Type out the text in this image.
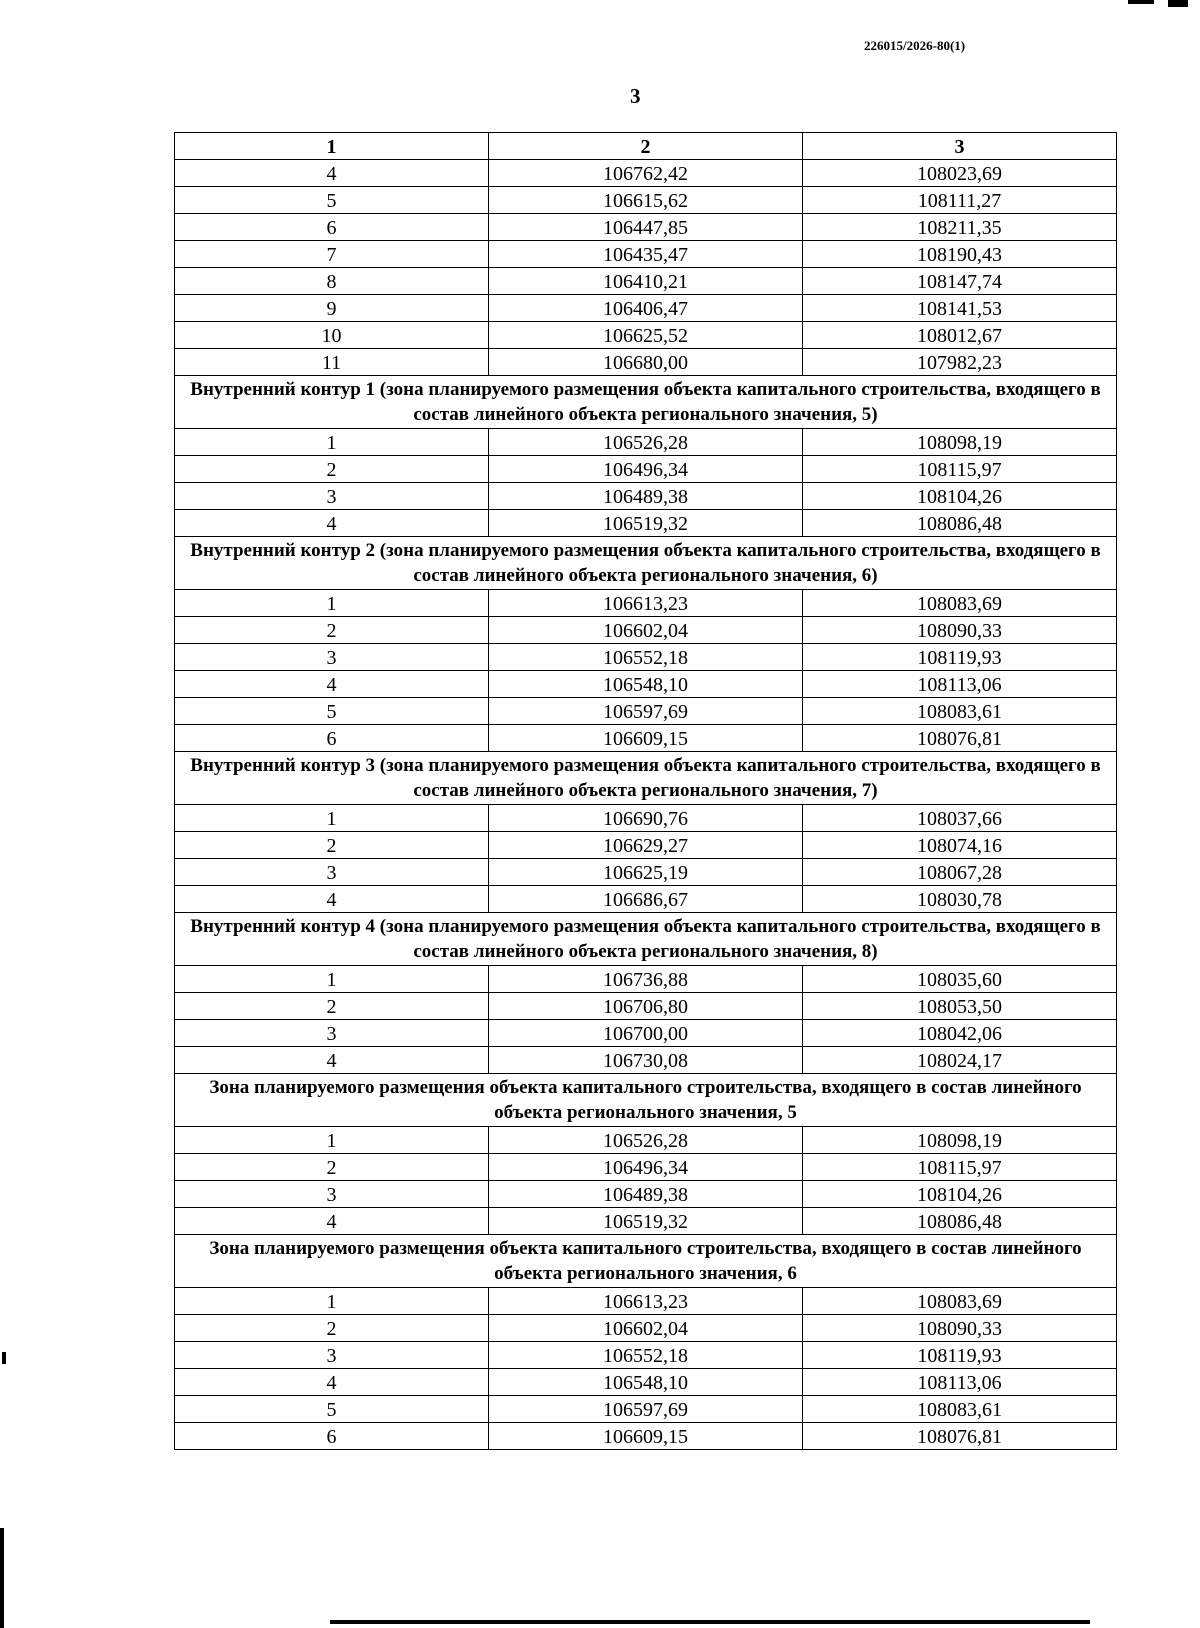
226015/2026-80(1)
3
1	2	3
4	106762,42	108023,69
5	106615,62	108111,27
6	106447,85	108211,35
7	106435,47	108190,43
8	106410,21	108147,74
9	106406,47	108141,53
10	106625,52	108012,67
11	106680,00	107982,23
Внутренний контур 1 (зона планируемого размещения объекта капитального строительства, входящего в состав линейного объекта регионального значения, 5)		
1	106526,28	108098,19
2	106496,34	108115,97
3	106489,38	108104,26
4	106519,32	108086,48
Внутренний контур 2 (зона планируемого размещения объекта капитального строительства, входящего в состав линейного объекта регионального значения, 6)		
1	106613,23	108083,69
2	106602,04	108090,33
3	106552,18	108119,93
4	106548,10	108113,06
5	106597,69	108083,61
6	106609,15	108076,81
Внутренний контур 3 (зона планируемого размещения объекта капитального строительства, входящего в состав линейного объекта регионального значения, 7)		
1	106690,76	108037,66
2	106629,27	108074,16
3	106625,19	108067,28
4	106686,67	108030,78
Внутренний контур 4 (зона планируемого размещения объекта капитального строительства, входящего в состав линейного объекта регионального значения, 8)		
1	106736,88	108035,60
2	106706,80	108053,50
3	106700,00	108042,06
4	106730,08	108024,17
Зона планируемого размещения объекта капитального строительства, входящего в состав линейного объекта регионального значения, 5		
1	106526,28	108098,19
2	106496,34	108115,97
3	106489,38	108104,26
4	106519,32	108086,48
Зона планируемого размещения объекта капитального строительства, входящего в состав линейного объекта регионального значения, 6		
1	106613,23	108083,69
2	106602,04	108090,33
3	106552,18	108119,93
4	106548,10	108113,06
5	106597,69	108083,61
6	106609,15	108076,81
